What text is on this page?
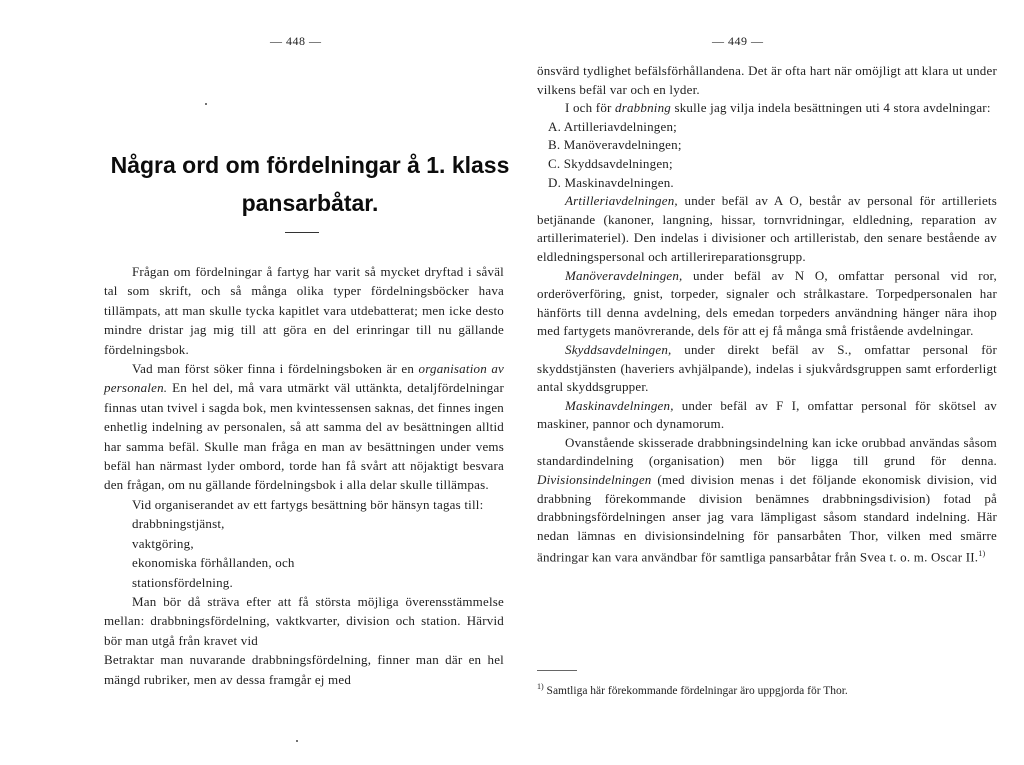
— 448 —
Några ord om fördelningar å 1. klass
pansarbåtar.

Frågan om fördelningar å fartyg har varit så mycket dryftad i såväl tal som skrift, och så många olika typer fördelningsböcker hava tillämpats, att man skulle tycka kapitlet vara utdebatterat; men icke desto mindre dristar jag mig till att göra en del erinringar till nu gällande fördelningsbok.

Vad man först söker finna i fördelningsboken är en organisation av personalen. En hel del, må vara utmärkt väl uttänkta, detaljfördelningar finnas utan tvivel i sagda bok, men kvintessensen saknas, det finnes ingen enhetlig indelning av personalen, så att samma del av besättningen alltid har samma befäl. Skulle man fråga en man av besättningen under vems befäl han närmast lyder ombord, torde han få svårt att nöjaktigt besvara den frågan, om nu gällande fördelningsbok i alla delar skulle tillämpas.

Vid organiserandet av ett fartygs besättning bör hänsyn tagas till:

drabbningstjänst,
vaktgöring,
ekonomiska förhållanden, och
stationsfördelning.

Man bör då sträva efter att få största möjliga överensstämmelse mellan: drabbningsfördelning, vaktkvarter, division och station. Härvid bör man utgå från kravet vid

Betraktar man nuvarande drabbningsfördelning, finner man där en hel mängd rubriker, men av dessa framgår ej med

— 449 —

önsvärd tydlighet befälsförhållandena. Det är ofta hart när omöjligt att klara ut under vilkens befäl var och en lyder.

I och för drabbning skulle jag vilja indela besättningen uti 4 stora avdelningar:

A. Artilleriavdelningen;
B. Manöveravdelningen;
C. Skyddsavdelningen;
D. Maskinavdelningen.

Artilleriavdelningen, under befäl av A O, består av personal för artilleriets betjänande (kanoner, langning, hissar, tornvridningar, eldledning, reparation av artillerimateriel). Den indelas i divisioner och artilleristab, den senare bestående av eldledningspersonal och artillerireparationsgrupp.

Manöveravdelningen, under befäl av N O, omfattar personal vid ror, orderöverföring, gnist, torpeder, signaler och strålkastare. Torpedpersonalen har hänförts till denna avdelning, dels emedan torpeders användning hänger nära ihop med fartygets manövrerande, dels för att ej få många små fristående avdelningar.

Skyddsavdelningen, under direkt befäl av S., omfattar personal för skyddstjänsten (haveriers avhjälpande), indelas i sjukvårdsgruppen samt erforderligt antal skyddsgrupper.

Maskinavdelningen, under befäl av F I, omfattar personal för skötsel av maskiner, pannor och dynamorum.

Ovanstående skisserade drabbningsindelning kan icke orubbad användas såsom standardindelning (organisation) men bör ligga till grund för denna. Divisionsindelningen (med division menas i det följande ekonomisk division, vid drabbning förekommande division benämnes drabbningsdivision) fotad på drabbningsfördelningen anser jag vara lämpligast såsom standard indelning. Här nedan lämnas en divisionsindelning för pansarbåten Thor, vilken med smärre ändringar kan vara användbar för samtliga pansarbåtar från Svea t. o. m. Oscar II.$^{1)}$

$^{1)}$ Samtliga här förekommande fördelningar äro uppgjorda för Thor.
